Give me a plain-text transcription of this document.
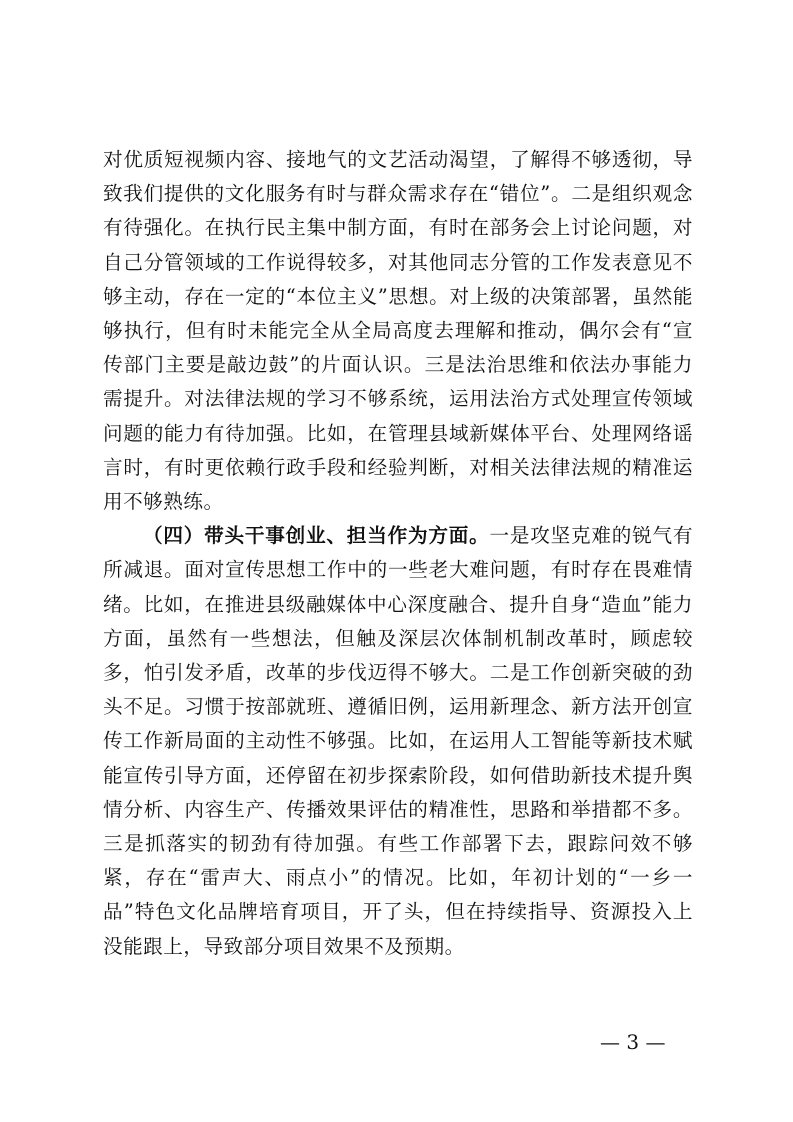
对优质短视频内容、接地气的文艺活动渴望，了解得不够透彻，导致我们提供的文化服务有时与群众需求存在“错位”。二是组织观念有待强化。在执行民主集中制方面，有时在部务会上讨论问题，对自己分管领域的工作说得较多，对其他同志分管的工作发表意见不够主动，存在一定的“本位主义”思想。对上级的决策部署，虽然能够执行，但有时未能完全从全局高度去理解和推动，偶尔会有“宣传部门主要是敲边鼓”的片面认识。三是法治思维和依法办事能力需提升。对法律法规的学习不够系统，运用法治方式处理宣传领域问题的能力有待加强。比如，在管理县域新媒体平台、处理网络谣言时，有时更依赖行政手段和经验判断，对相关法律法规的精准运用不够熟练。

（四）带头干事创业、担当作为方面。一是攻坚克难的锐气有所减退。面对宣传思想工作中的一些老大难问题，有时存在畏难情绪。比如，在推进县级融媒体中心深度融合、提升自身“造血”能力方面，虽然有一些想法，但触及深层次体制机制改革时，顾虑较多，怕引发矛盾，改革的步伐迈得不够大。二是工作创新突破的劲头不足。习惯于按部就班、遵循旧例，运用新理念、新方法开创宣传工作新局面的主动性不够强。比如，在运用人工智能等新技术赋能宣传引导方面，还停留在初步探索阶段，如何借助新技术提升舆情分析、内容生产、传播效果评估的精准性，思路和举措都不多。三是抓落实的韧劲有待加强。有些工作部署下去，跟踪问效不够紧，存在“雷声大、雨点小”的情况。比如，年初计划的“一乡一品”特色文化品牌培育项目，开了头，但在持续指导、资源投入上没能跟上，导致部分项目效果不及预期。

— 3 —
